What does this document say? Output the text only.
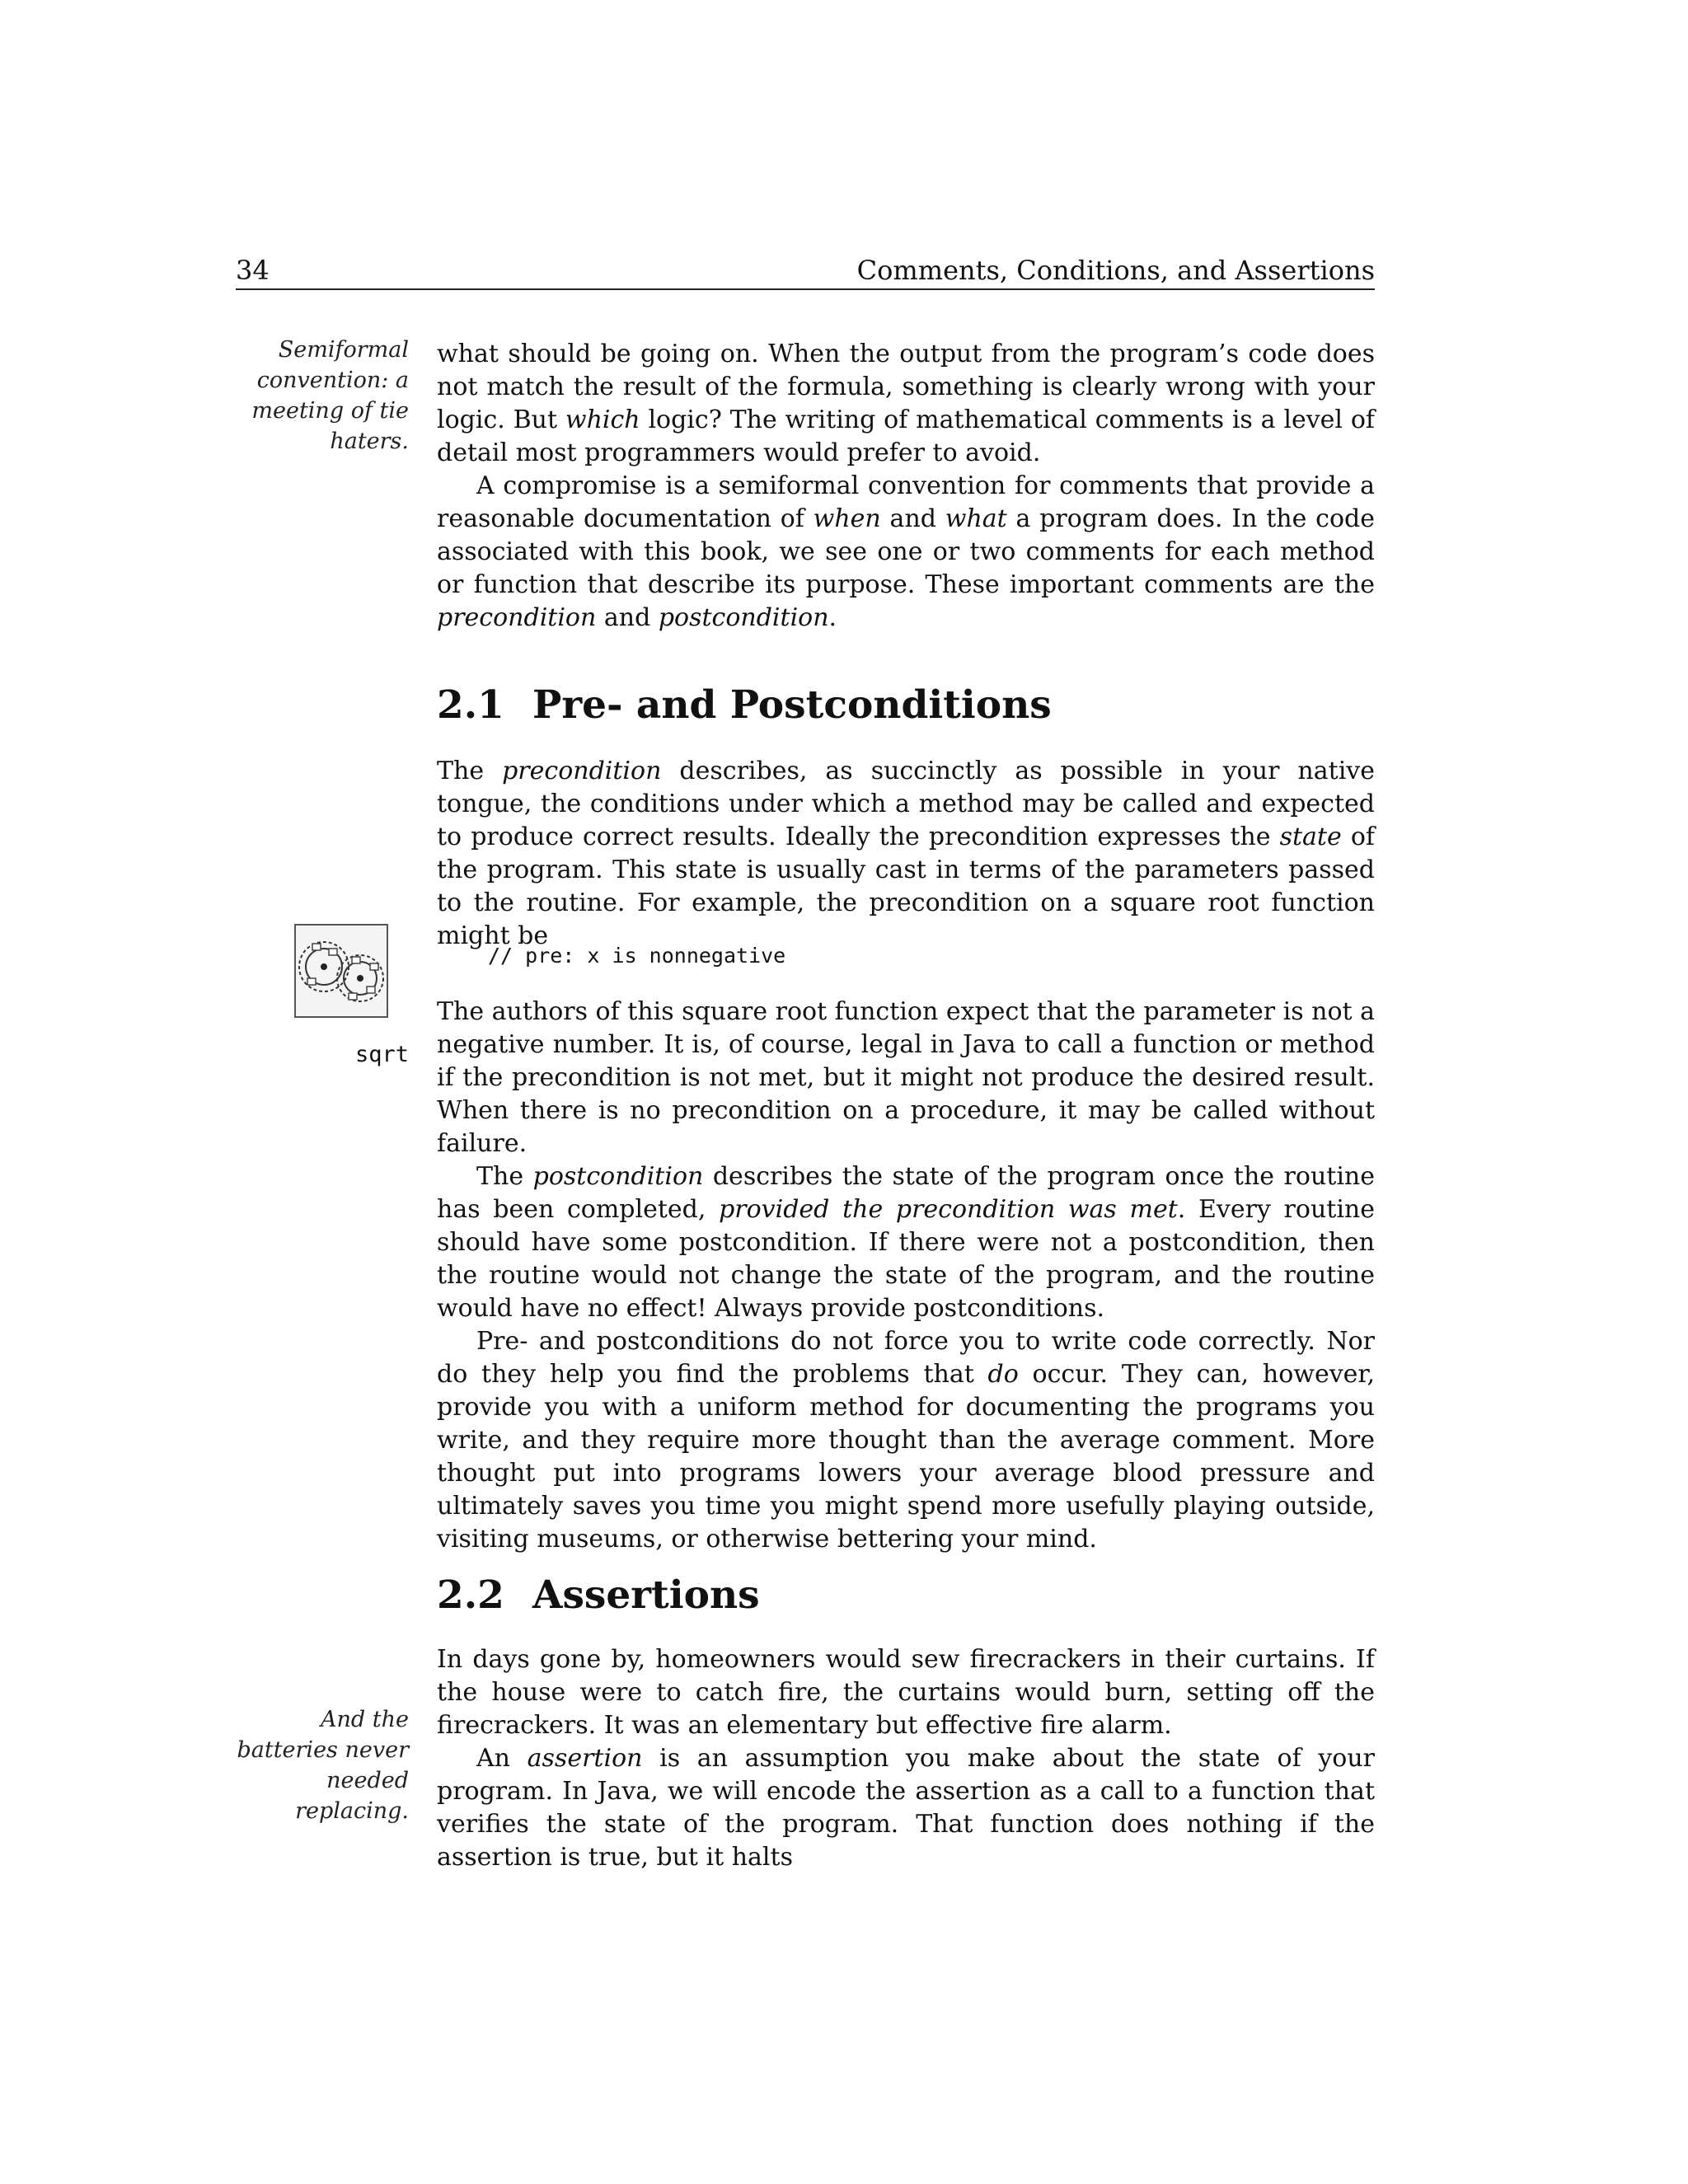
34	Comments, Conditions, and Assertions
Semiformal convention: a meeting of tie haters.
sqrt
And the batteries never needed replacing.

what should be going on. When the output from the program’s code does not match the result of the formula, something is clearly wrong with your logic. But which logic? The writing of mathematical comments is a level of detail most programmers would prefer to avoid.

A compromise is a semiformal convention for comments that provide a reasonable documentation of when and what a program does. In the code associated with this book, we see one or two comments for each method or function that describe its purpose. These important comments are the precondition and postcondition.

2.1 Pre- and Postconditions

The precondition describes, as succinctly as possible in your native tongue, the conditions under which a method may be called and expected to produce correct results. Ideally the precondition expresses the state of the program. This state is usually cast in terms of the parameters passed to the routine. For example, the precondition on a square root function might be

// pre: x is nonnegative

The authors of this square root function expect that the parameter is not a negative number. It is, of course, legal in Java to call a function or method if the precondition is not met, but it might not produce the desired result. When there is no precondition on a procedure, it may be called without failure.

The postcondition describes the state of the program once the routine has been completed, provided the precondition was met. Every routine should have some postcondition. If there were not a postcondition, then the routine would not change the state of the program, and the routine would have no effect! Always provide postconditions.

Pre- and postconditions do not force you to write code correctly. Nor do they help you find the problems that do occur. They can, however, provide you with a uniform method for documenting the programs you write, and they require more thought than the average comment. More thought put into programs lowers your average blood pressure and ultimately saves you time you might spend more usefully playing outside, visiting museums, or otherwise bettering your mind.

2.2 Assertions

In days gone by, homeowners would sew firecrackers in their curtains. If the house were to catch fire, the curtains would burn, setting off the firecrackers. It was an elementary but effective fire alarm.

An assertion is an assumption you make about the state of your program. In Java, we will encode the assertion as a call to a function that verifies the state of the program. That function does nothing if the assertion is true, but it halts
